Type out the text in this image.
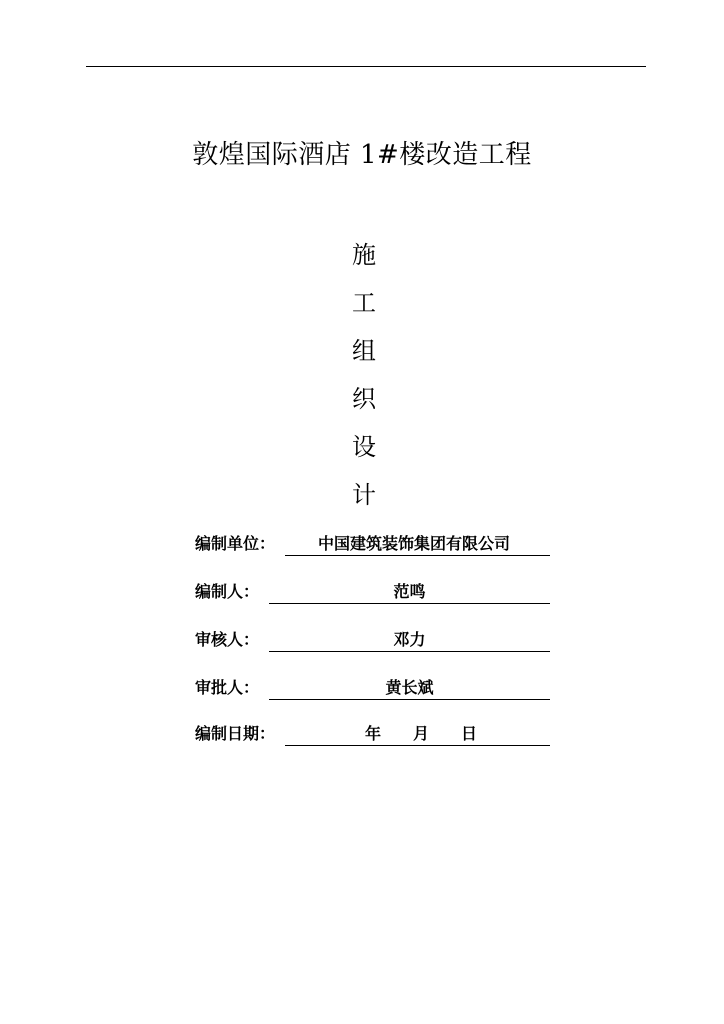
敦煌国际酒店 1#楼改造工程
施
工
组
织
设
计
编制单位：	中国建筑装饰集团有限公司
编制人：	范鸣
审核人：	邓力
审批人：	黄长斌
编制日期：	年 月 日
